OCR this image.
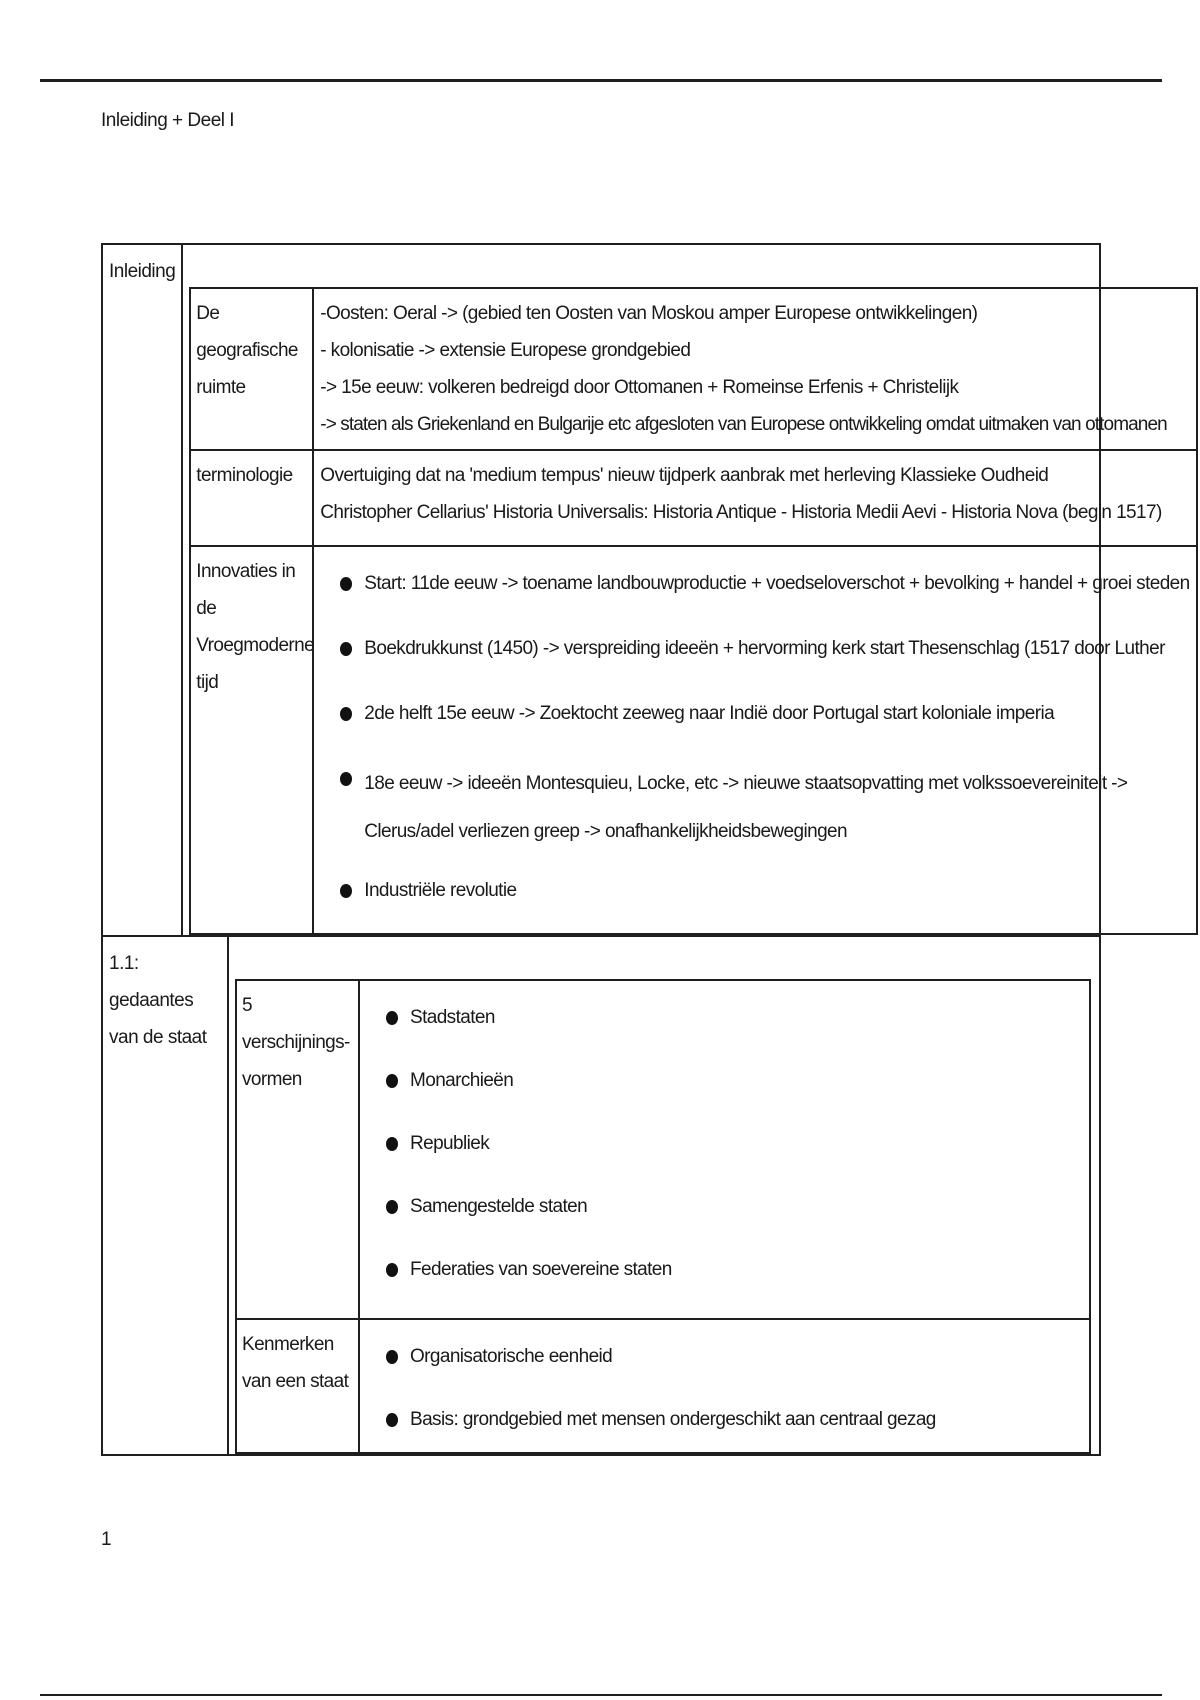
Inleiding + Deel I
Inleiding
De geografische ruimte
-Oosten: Oeral -> (gebied ten Oosten van Moskou amper Europese ontwikkelingen)
- kolonisatie -> extensie Europese grondgebied
-> 15e eeuw: volkeren bedreigd door Ottomanen + Romeinse Erfenis + Christelijk
-> staten als Griekenland en Bulgarije etc afgesloten van Europese ontwikkeling omdat uitmaken van ottomanen
terminologie	Overtuiging dat na 'medium tempus' nieuw tijdperk aanbrak met herleving Klassieke Oudheid
Christopher Cellarius' Historia Universalis: Historia Antique - Historia Medii Aevi - Historia Nova (begin 1517)
Innovaties in de Vroegmoderne tijd
Start: 11de eeuw -> toename landbouwproductie + voedseloverschot + bevolking + handel + groei steden
Boekdrukkunst (1450) -> verspreiding ideeën + hervorming kerk start Thesenschlag (1517 door Luther
2de helft 15e eeuw -> Zoektocht zeeweg naar Indië door Portugal start koloniale imperia
18e eeuw -> ideeën Montesquieu, Locke, etc -> nieuwe staatsopvatting met volkssoevereiniteit ->
Clerus/adel verliezen greep -> onafhankelijkheidsbewegingen
Industriële revolutie
1.1: gedaantes van de staat
5 verschijnings-vormen
Stadstaten
Monarchieën
Republiek
Samengestelde staten
Federaties van soevereine staten
Kenmerken van een staat
Organisatorische eenheid
Basis: grondgebied met mensen ondergeschikt aan centraal gezag
1
